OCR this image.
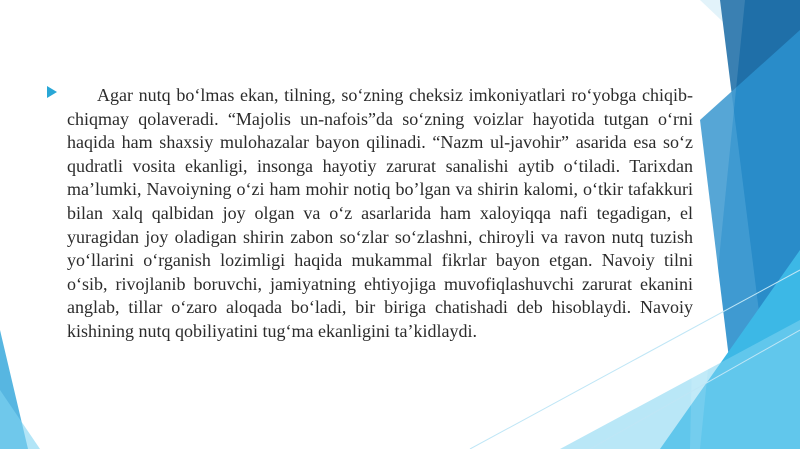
Agar nutq bo‘lmas ekan, tilning, so‘zning cheksiz imkoniyatlari ro‘yobga chiqib-chiqmay qolaveradi. “Majolis un-nafois”da so‘zning voizlar hayotida tutgan o‘rni haqida ham shaxsiy mulohazalar bayon qilinadi. “Nazm ul-javohir” asarida esa so‘z qudratli vosita ekanligi, insonga hayotiy zarurat sanalishi aytib o‘tiladi. Tarixdan ma’lumki, Navoiyning o‘zi ham mohir notiq bo’lgan va shirin kalomi, o‘tkir tafakkuri bilan xalq qalbidan joy olgan va o‘z asarlarida ham xaloyiqqa nafi tegadigan, el yuragidan joy oladigan shirin zabon so‘zlar so‘zlashni, chiroyli va ravon nutq tuzish yo‘llarini o‘rganish lozimligi haqida mukammal fikrlar bayon etgan. Navoiy tilni o‘sib, rivojlanib boruvchi, jamiyatning ehtiyojiga muvofiqlashuvchi zarurat ekanini anglab, tillar o‘zaro aloqada bo‘ladi, bir biriga chatishadi deb hisoblaydi. Navoiy kishining nutq qobiliyatini tug‘ma ekanligini ta’kidlaydi.
